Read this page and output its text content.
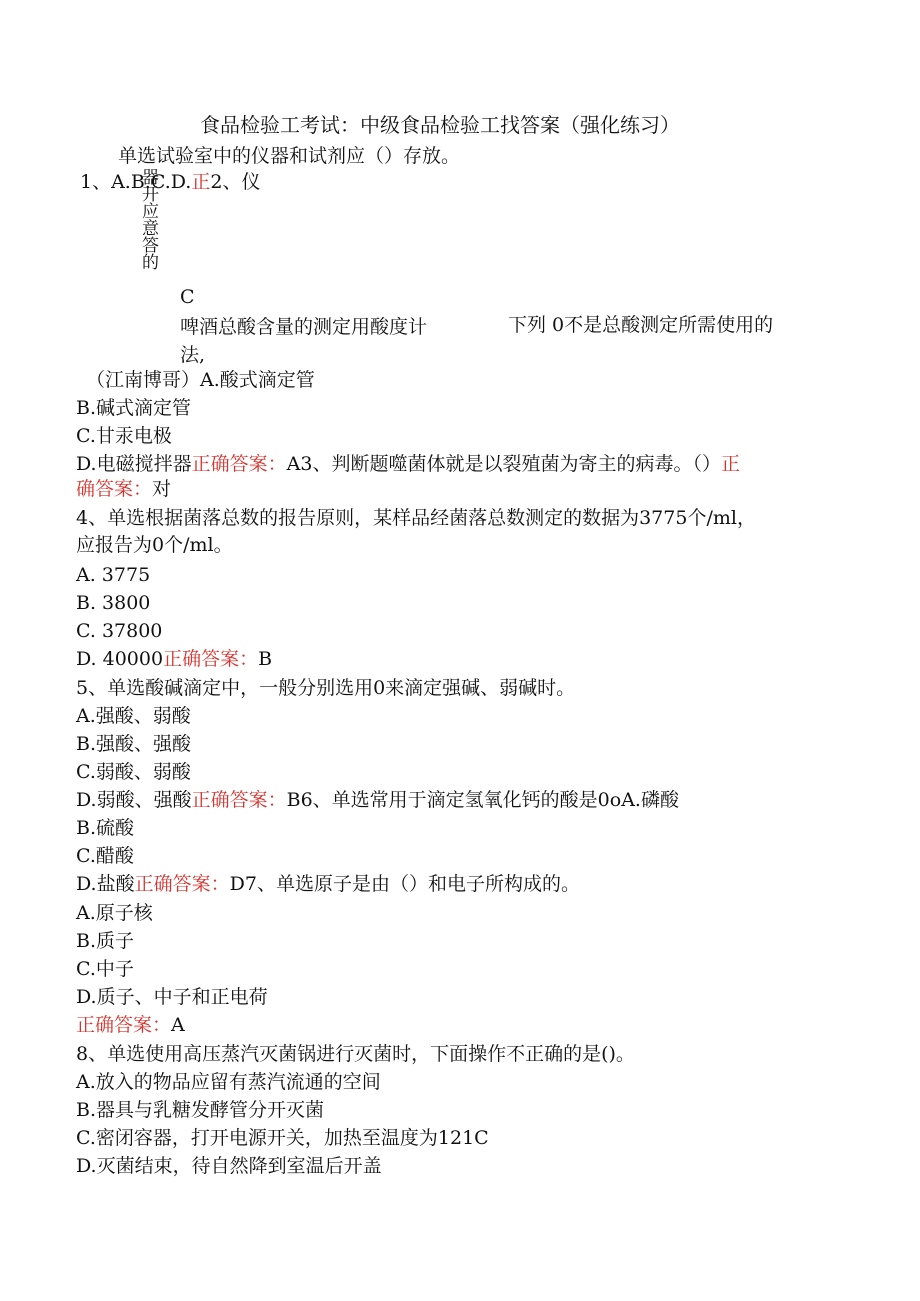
食品检验工考试：中级食品检验工找答案（强化练习）
单选试验室中的仪器和试剂应（）存放。
1、A.B.C.D.正2、仪
器开应意答的
C
啤酒总酸含量的测定用酸度计	下列 0不是总酸测定所需使用的
法,
（江南博哥）A.酸式滴定管
B.碱式滴定管
C.甘汞电极
D.电磁搅拌器正确答案：A3、判断题噬菌体就是以裂殖菌为寄主的病毒。（）正
确答案：对
4、单选根据菌落总数的报告原则，某样品经菌落总数测定的数据为3775个/ml，
应报告为0个/ml。
A. 3775
B. 3800
C. 37800
D. 40000正确答案：B
5、单选酸碱滴定中，一般分别选用0来滴定强碱、弱碱时。
A.强酸、弱酸
B.强酸、强酸
C.弱酸、弱酸
D.弱酸、强酸正确答案：B6、单选常用于滴定氢氧化钙的酸是0oA.磷酸
B.硫酸
C.醋酸
D.盐酸正确答案：D7、单选原子是由（）和电子所构成的。
A.原子核
B.质子
C.中子
D.质子、中子和正电荷
正确答案：A
8、单选使用高压蒸汽灭菌锅进行灭菌时，下面操作不正确的是()。
A.放入的物品应留有蒸汽流通的空间
B.器具与乳糖发酵管分开灭菌
C.密闭容器，打开电源开关，加热至温度为121C
D.灭菌结束，待自然降到室温后开盖
